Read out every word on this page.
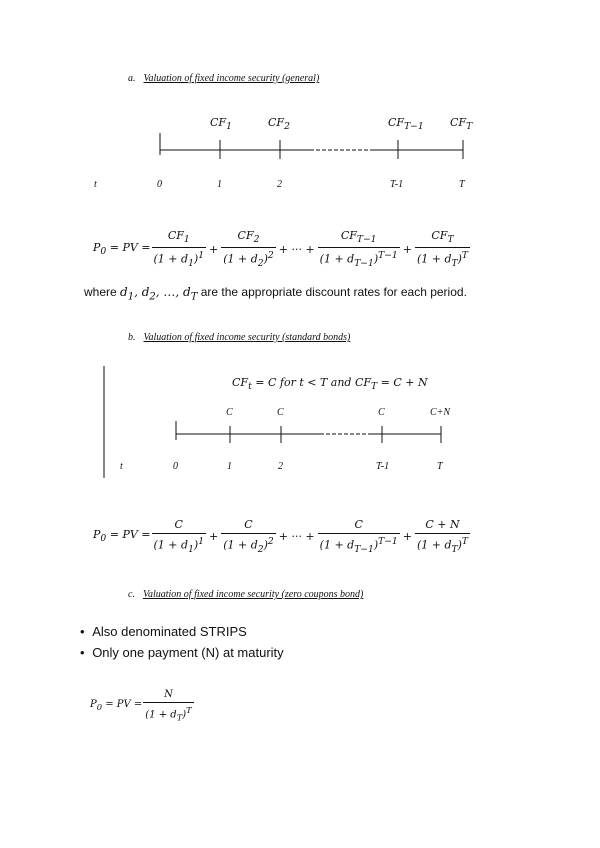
a. Valuation of fixed income security (general)
$CF_1$	$CF_2$	$CF_{T-1}$ $CF_T$
t	0	1	2	T-1	T
$P_0$ = PV = $\frac{CF_1}{(1 + d_1)^1} + \frac{CF_2}{(1 + d_2)^2}$ + ··· + $\frac{CF_{T-1}}{(1 + d_{T-1})^{T-1}} + \frac{CF_T}{(1 + d_T)^T}$
where $d_1$, $d_2$, …, $d_T$ are the appropriate discount rates for each period.
b. Valuation of fixed income security (standard bonds)
$CF_t = C$ for t < T and $CF_T = C + N$
C	C	C	C+N
t	0	1	2	T-1	T
$P_0$ = PV = $\frac{C}{(1 + d_1)^1} + \frac{C}{(1 + d_2)^2}$ + ··· + $\frac{C}{(1 + d_{T-1})^{T-1}} + \frac{C + N}{(1 + d_T)^T}$
c. Valuation of fixed income security (zero coupons bond)
• Also denominated STRIPS
• Only one payment (N) at maturity
$P_0$ = PV = $\frac{N}{(1 + d_T)^T}$
